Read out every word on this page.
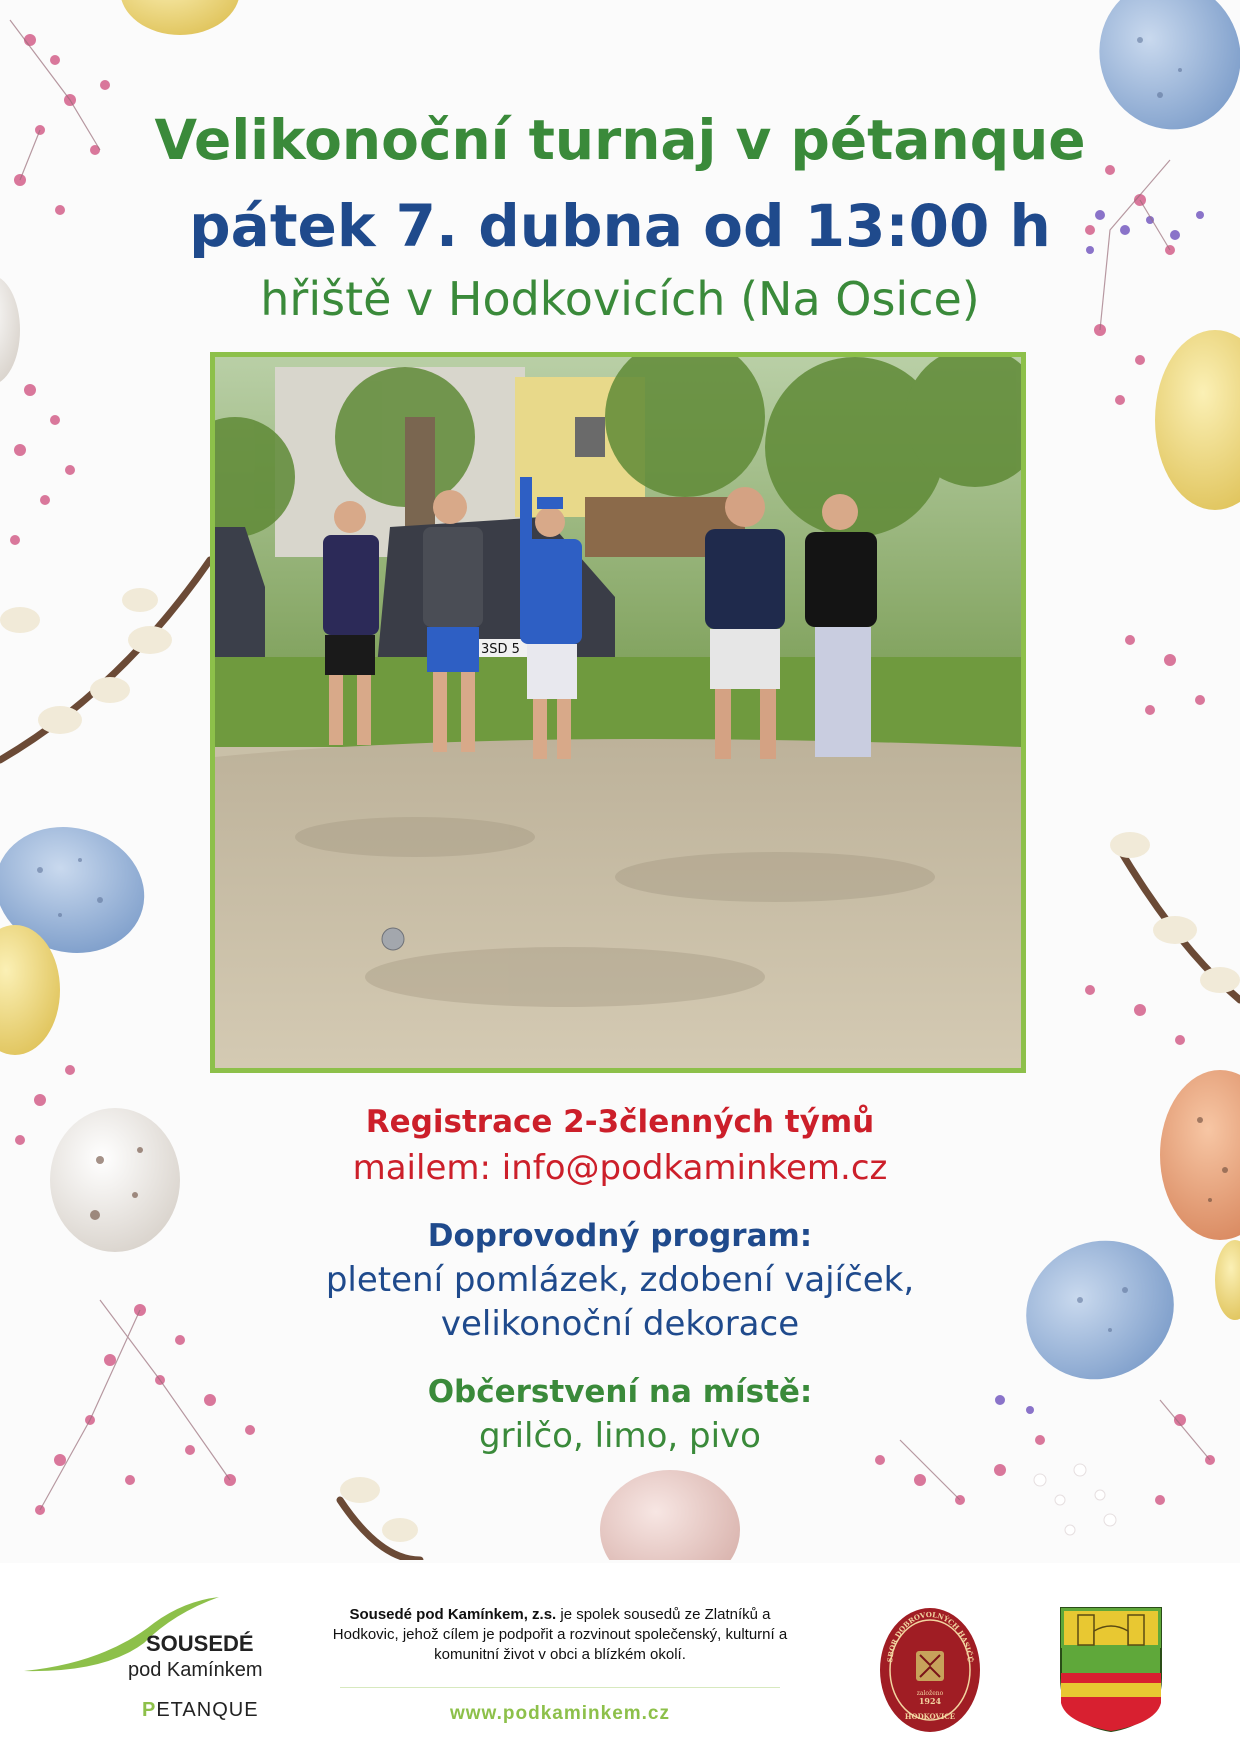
Velikonoční turnaj v pétanque
pátek 7. dubna od 13:00 h
hřiště v Hodkovicích (Na Osice)
3SD 5
Registrace 2-3členných týmů
mailem: info@podkaminkem.cz
Doprovodný program:
pletení pomlázek, zdobení vajíček,
velikonoční dekorace
Občerstvení na místě:
grilčo, limo, pivo
SOUSEDÉ
pod Kamínkem
PETANQUE
Sousedé pod Kamínkem, z.s. je spolek sousedů ze Zlatníků a Hodkovic, jehož cílem je podpořit a rozvinout společenský, kulturní a komunitní život v obci a blízkém okolí.
www.podkaminkem.cz
SBOR DOBROVOLNÝCH HASIČŮ
založeno
1924
HODKOVICE
